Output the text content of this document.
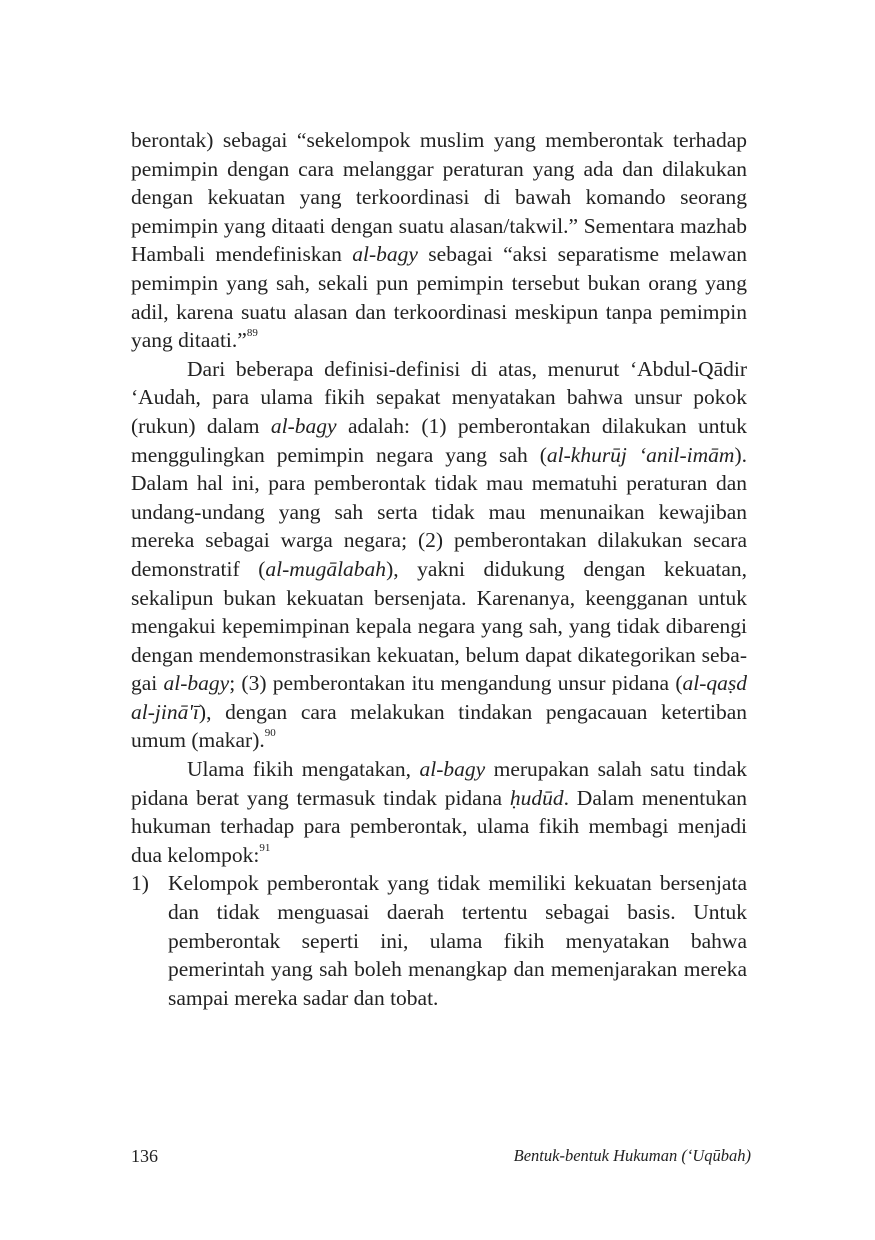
berontak) sebagai “sekelompok muslim yang memberontak terhadap pemimpin dengan cara melanggar peraturan yang ada dan dilakukan dengan kekuatan yang terkoordinasi di bawah komando seorang pemimpin yang ditaati dengan suatu alasan/takwil.” Sementara mazhab Hambali mendefiniskan al-bagy sebagai “aksi separatisme melawan pemimpin yang sah, sekali pun pemimpin tersebut bukan orang yang adil, karena suatu alasan dan terkoordinasi meskipun tanpa pemimpin yang ditaati.”$^{89}$

Dari beberapa definisi-definisi di atas, menurut ‘Abdul-Qādir ‘Audah, para ulama fikih sepakat menyatakan bahwa unsur pokok (rukun) dalam al-bagy adalah: (1) pemberontakan dilakukan untuk menggulingkan pemimpin negara yang sah (al-khurūj ‘anil-imām). Dalam hal ini, para pemberontak tidak mau mematuhi peraturan dan undang-undang yang sah serta tidak mau menunaikan kewajiban mereka sebagai warga negara; (2) pemberontakan dilakukan secara demonstratif (al-mugālabah), yakni didukung dengan kekuatan, sekalipun bukan kekuatan bersenjata. Karenanya, keengganan untuk mengakui kepemimpinan kepala negara yang sah, yang tidak dibarengi dengan mendemonstrasikan kekuatan, belum dapat dikategorikan sebagai al-bagy; (3) pemberontakan itu mengandung unsur pidana (al-qaṣd al-jinā'ī), dengan cara melakukan tindakan pengacauan ketertiban umum (makar).$^{90}$

Ulama fikih mengatakan, al-bagy merupakan salah satu tindak pidana berat yang termasuk tindak pidana ḥudūd. Dalam menentukan hukuman terhadap para pemberontak, ulama fikih membagi menjadi dua kelompok:$^{91}$

1) Kelompok pemberontak yang tidak memiliki kekuatan bersenjata dan tidak menguasai daerah tertentu sebagai basis. Untuk pemberontak seperti ini, ulama fikih menyatakan bahwa pemerintah yang sah boleh menangkap dan memenjarakan mereka sampai mereka sadar dan tobat.
136	Bentuk-bentuk Hukuman (‘Uqūbah)
